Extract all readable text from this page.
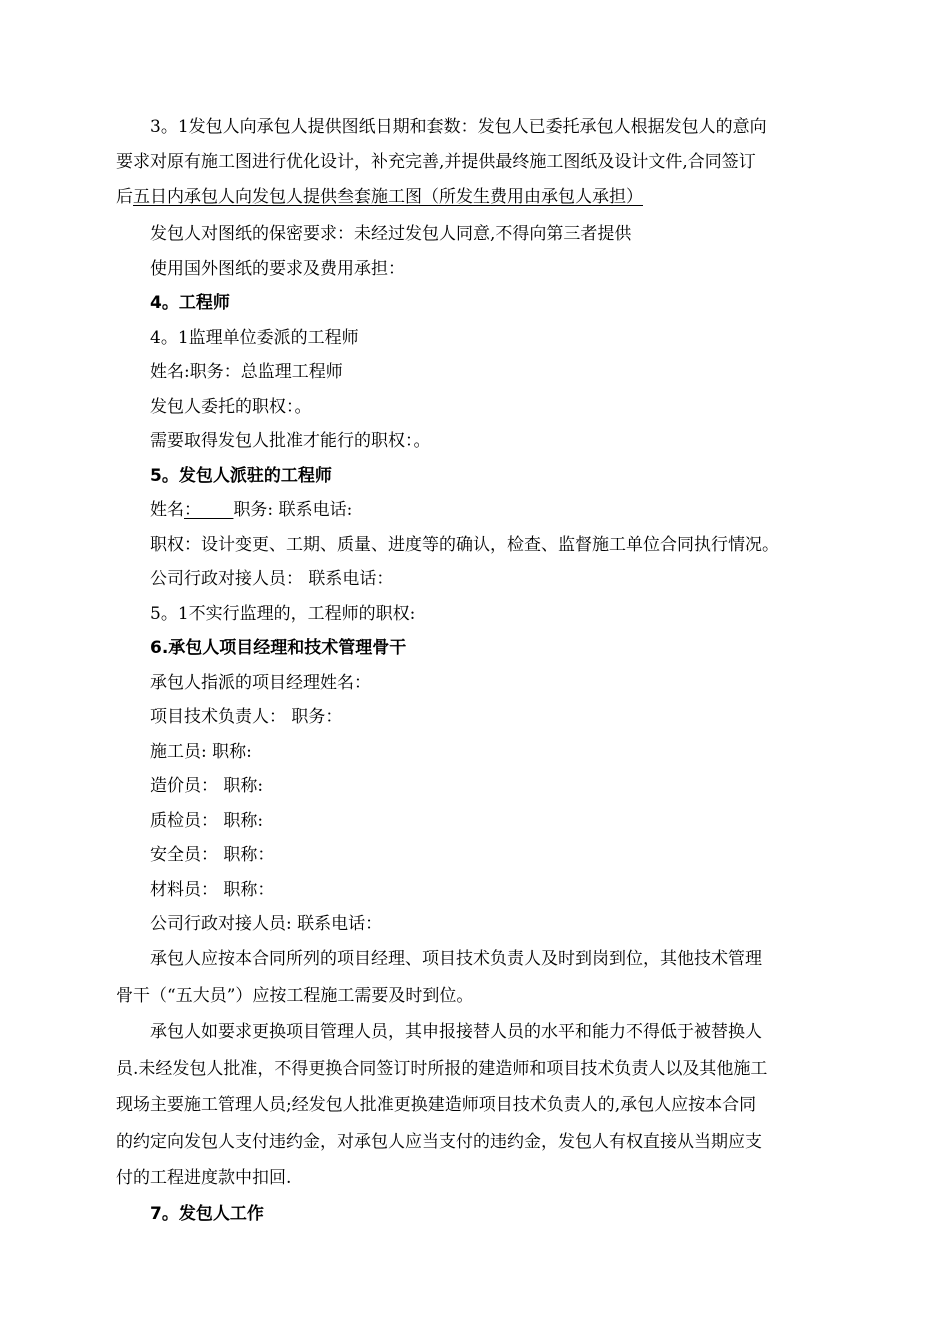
3。1发包人向承包人提供图纸日期和套数：发包人已委托承包人根据发包人的意向
要求对原有施工图进行优化设计，补充完善,并提供最终施工图纸及设计文件,合同签订
后五日内承包人向发包人提供叁套施工图（所发生费用由承包人承担）
发包人对图纸的保密要求：未经过发包人同意,不得向第三者提供
使用国外图纸的要求及费用承担：
4。工程师
4。1监理单位委派的工程师
姓名:职务：总监理工程师
发包人委托的职权：。
需要取得发包人批准才能行的职权：。
5。发包人派驻的工程师
姓名： 职务: 联系电话:
职权：设计变更、工期、质量、进度等的确认，检查、监督施工单位合同执行情况。
公司行政对接人员： 联系电话：
5。1不实行监理的，工程师的职权:
6.承包人项目经理和技术管理骨干
承包人指派的项目经理姓名：
项目技术负责人： 职务：
施工员: 职称:
造价员： 职称:
质检员： 职称:
安全员： 职称：
材料员： 职称：
公司行政对接人员: 联系电话：
承包人应按本合同所列的项目经理、项目技术负责人及时到岗到位，其他技术管理
骨干（“五大员”）应按工程施工需要及时到位。
承包人如要求更换项目管理人员，其申报接替人员的水平和能力不得低于被替换人
员.未经发包人批准，不得更换合同签订时所报的建造师和项目技术负责人以及其他施工
现场主要施工管理人员;经发包人批准更换建造师项目技术负责人的,承包人应按本合同
的约定向发包人支付违约金，对承包人应当支付的违约金，发包人有权直接从当期应支
付的工程进度款中扣回.
7。发包人工作
